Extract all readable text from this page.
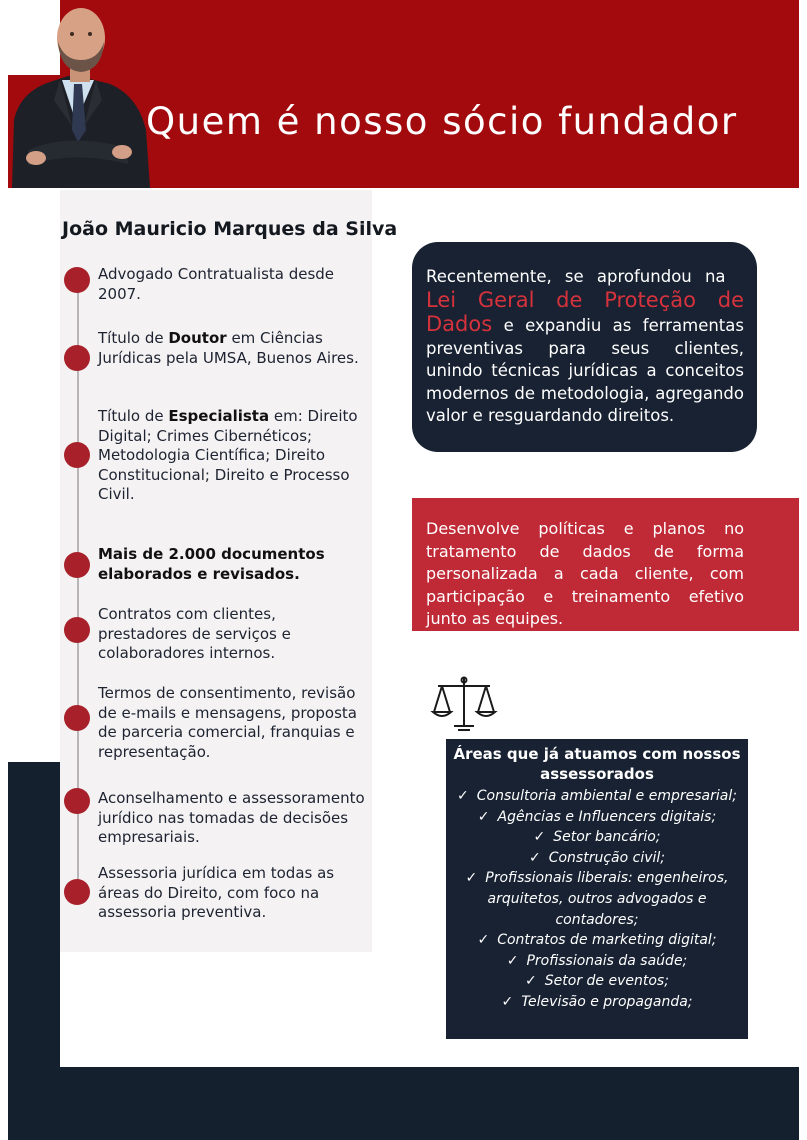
Quem é nosso sócio fundador
João Mauricio Marques da Silva
Advogado Contratualista desde 2007.
Título de Doutor em Ciências Jurídicas pela UMSA, Buenos Aires.
Título de Especialista em: Direito Digital; Crimes Cibernéticos; Metodologia Científica; Direito Constitucional; Direito e Processo Civil.
Mais de 2.000 documentos elaborados e revisados.
Contratos com clientes, prestadores de serviços e colaboradores internos.
Termos de consentimento, revisão de e-mails e mensagens, proposta de parceria comercial, franquias e representação.
Aconselhamento e assessoramento jurídico nas tomadas de decisões empresariais.
Assessoria jurídica em todas as áreas do Direito, com foco na assessoria preventiva.
Recentemente, se aprofundou na   Lei Geral de Proteção de Dados e expandiu as ferramentas preventivas para seus clientes, unindo técnicas jurídicas a conceitos modernos de metodologia, agregando valor e resguardando direitos.
Desenvolve políticas e planos no tratamento de dados de forma personalizada a cada cliente, com participação e treinamento efetivo junto as equipes.
Áreas que já atuamos com nossos assessorados
✓ Consultoria ambiental e empresarial;
✓ Agências e Influencers digitais;
✓ Setor bancário;
✓ Construção civil;
✓ Profissionais liberais: engenheiros, arquitetos, outros advogados e contadores;
✓ Contratos de marketing digital;
✓ Profissionais da saúde;
✓ Setor de eventos;
✓ Televisão e propaganda;
